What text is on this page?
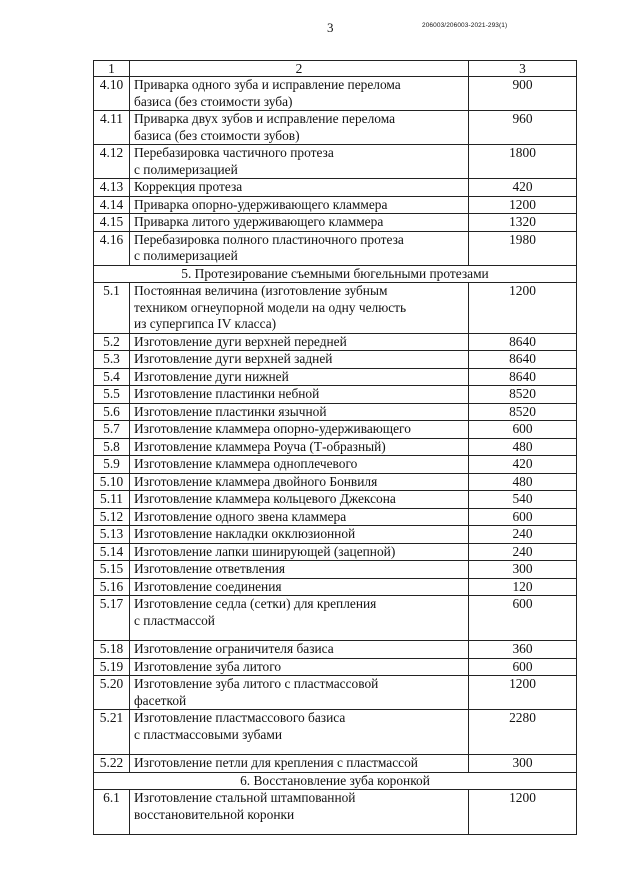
3	206003/206003-2021-293(1)
1	2	3
4.10	Приварка одного зуба и исправление перелома
базиса (без стоимости зуба)	900
4.11	Приварка двух зубов и исправление перелома
базиса (без стоимости зубов)	960
4.12	Перебазировка частичного протеза
с полимеризацией	1800
4.13	Коррекция протеза	420
4.14	Приварка опорно-удерживающего кламмера	1200
4.15	Приварка литого удерживающего кламмера	1320
4.16	Перебазировка полного пластиночного протеза
с полимеризацией	1980
5. Протезирование съемными бюгельными протезами		
5.1	Постоянная величина (изготовление зубным
техником огнеупорной модели на одну челюсть
из супергипса IV класса)	1200
5.2	Изготовление дуги верхней передней	8640
5.3	Изготовление дуги верхней задней	8640
5.4	Изготовление дуги нижней	8640
5.5	Изготовление пластинки небной	8520
5.6	Изготовление пластинки язычной	8520
5.7	Изготовление кламмера опорно-удерживающего	600
5.8	Изготовление кламмера Роуча (Т-образный)	480
5.9	Изготовление кламмера одноплечевого	420
5.10	Изготовление кламмера двойного Бонвиля	480
5.11	Изготовление кламмера кольцевого Джексона	540
5.12	Изготовление одного звена кламмера	600
5.13	Изготовление накладки окклюзионной	240
5.14	Изготовление лапки шинирующей (зацепной)	240
5.15	Изготовление ответвления	300
5.16	Изготовление соединения	120
5.17	Изготовление седла (сетки) для крепления
с пластмассой	600
5.18	Изготовление ограничителя базиса	360
5.19	Изготовление зуба литого	600
5.20	Изготовление зуба литого с пластмассовой
фасеткой	1200
5.21	Изготовление пластмассового базиса
с пластмассовыми зубами	2280
5.22	Изготовление петли для крепления с пластмассой	300
6. Восстановление зуба коронкой		
6.1	Изготовление стальной штампованной
восстановительной коронки	1200
